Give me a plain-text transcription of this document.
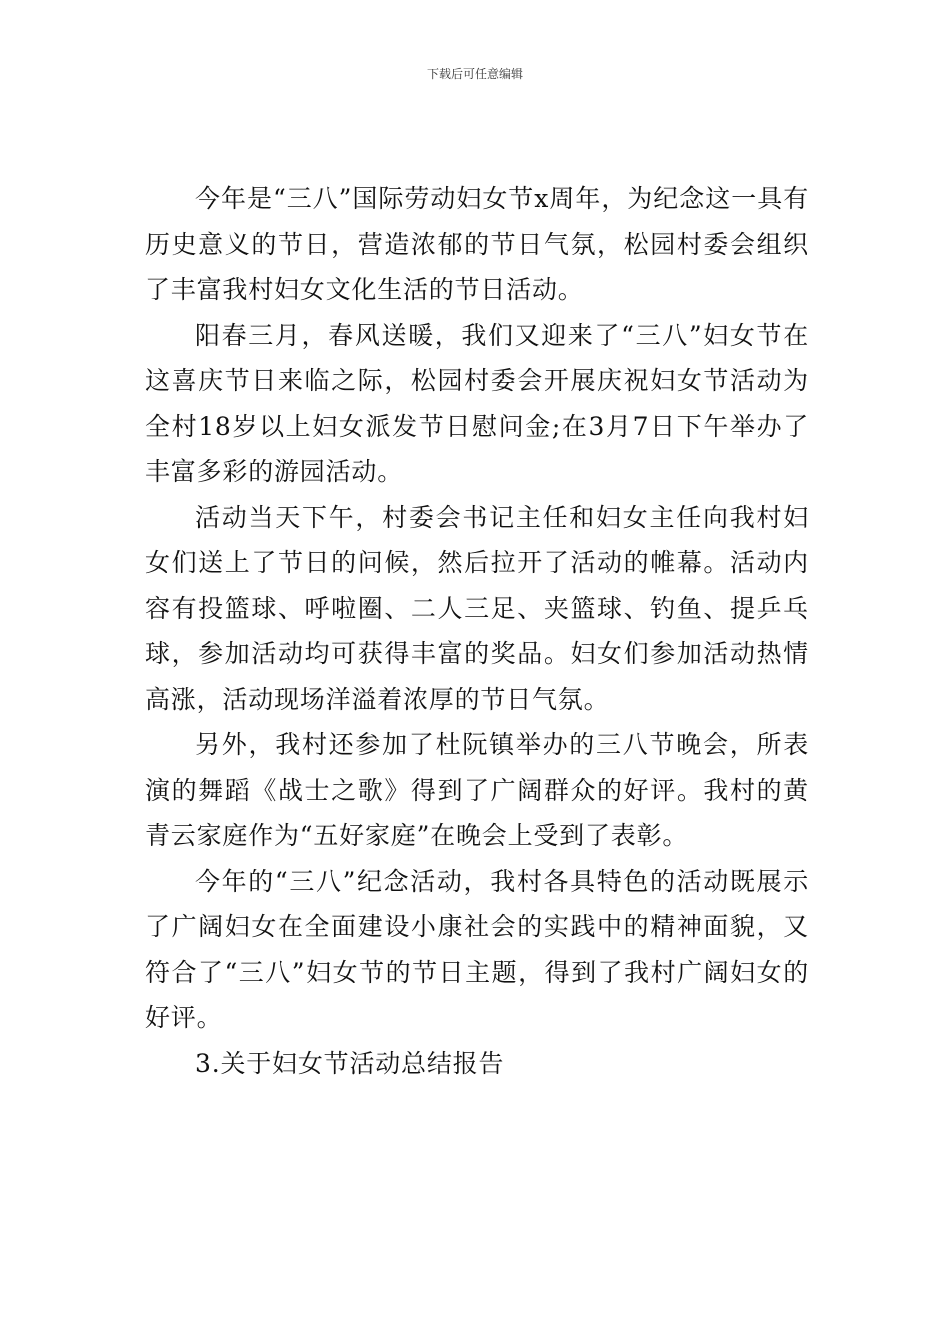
下载后可任意编辑

今年是“三八”国际劳动妇女节x周年，为纪念这一具有历史意义的节日，营造浓郁的节日气氛，松园村委会组织了丰富我村妇女文化生活的节日活动。

阳春三月，春风送暖，我们又迎来了“三八”妇女节在这喜庆节日来临之际，松园村委会开展庆祝妇女节活动为全村18岁以上妇女派发节日慰问金;在3月7日下午举办了丰富多彩的游园活动。

活动当天下午，村委会书记主任和妇女主任向我村妇女们送上了节日的问候，然后拉开了活动的帷幕。活动内容有投篮球、呼啦圈、二人三足、夹篮球、钓鱼、提乒乓球，参加活动均可获得丰富的奖品。妇女们参加活动热情高涨，活动现场洋溢着浓厚的节日气氛。

另外，我村还参加了杜阮镇举办的三八节晚会，所表演的舞蹈《战士之歌》得到了广阔群众的好评。我村的黄青云家庭作为“五好家庭”在晚会上受到了表彰。

今年的“三八”纪念活动，我村各具特色的活动既展示了广阔妇女在全面建设小康社会的实践中的精神面貌，又符合了“三八”妇女节的节日主题，得到了我村广阔妇女的好评。

3.关于妇女节活动总结报告
